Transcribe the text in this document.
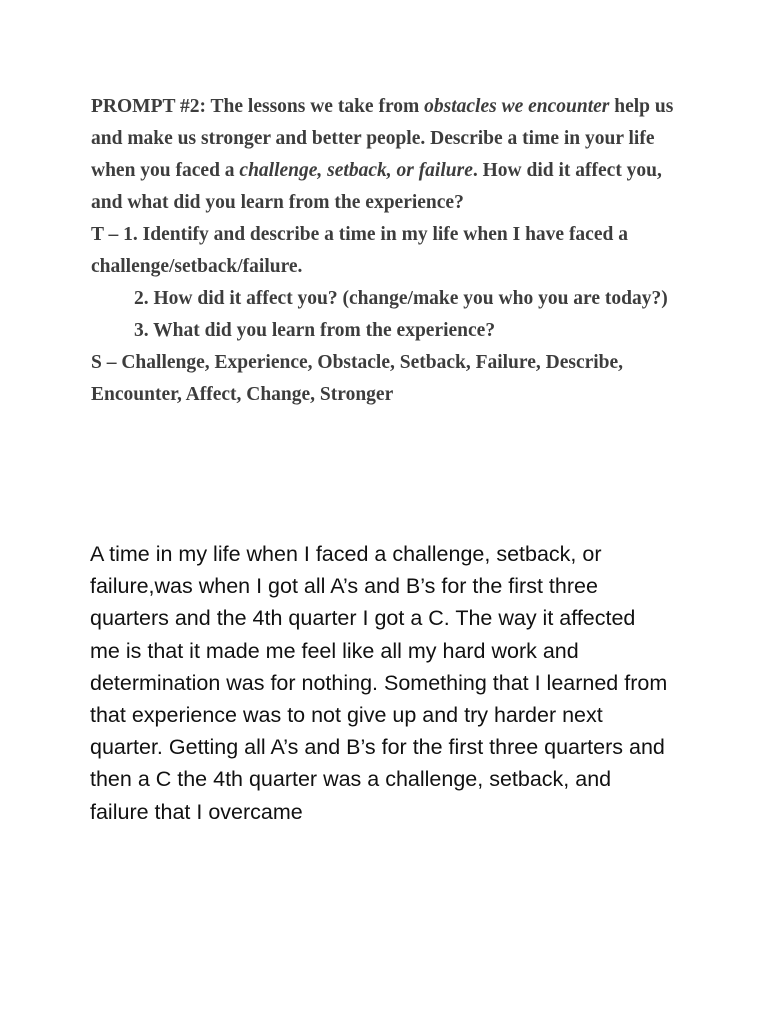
PROMPT #2: The lessons we take from obstacles we encounter help us and make us stronger and better people. Describe a time in your life when you faced a challenge, setback, or failure. How did it affect you, and what did you learn from the experience?

T – 1. Identify and describe a time in my life when I have faced a challenge/setback/failure.

2. How did it affect you? (change/make you who you are today?)

3. What did you learn from the experience?

S – Challenge, Experience, Obstacle, Setback, Failure, Describe, Encounter, Affect, Change, Stronger

A time in my life when I faced a challenge, setback, or failure,was when I got all A’s and B’s for the first three quarters and the 4th quarter I got a C. The way it affected me is that it made me feel like all my hard work and determination was for nothing. Something that I learned from that experience was to not give up and try harder next quarter. Getting all A’s and B’s for the first three quarters and then a C the 4th quarter was a challenge, setback, and failure that I overcame
